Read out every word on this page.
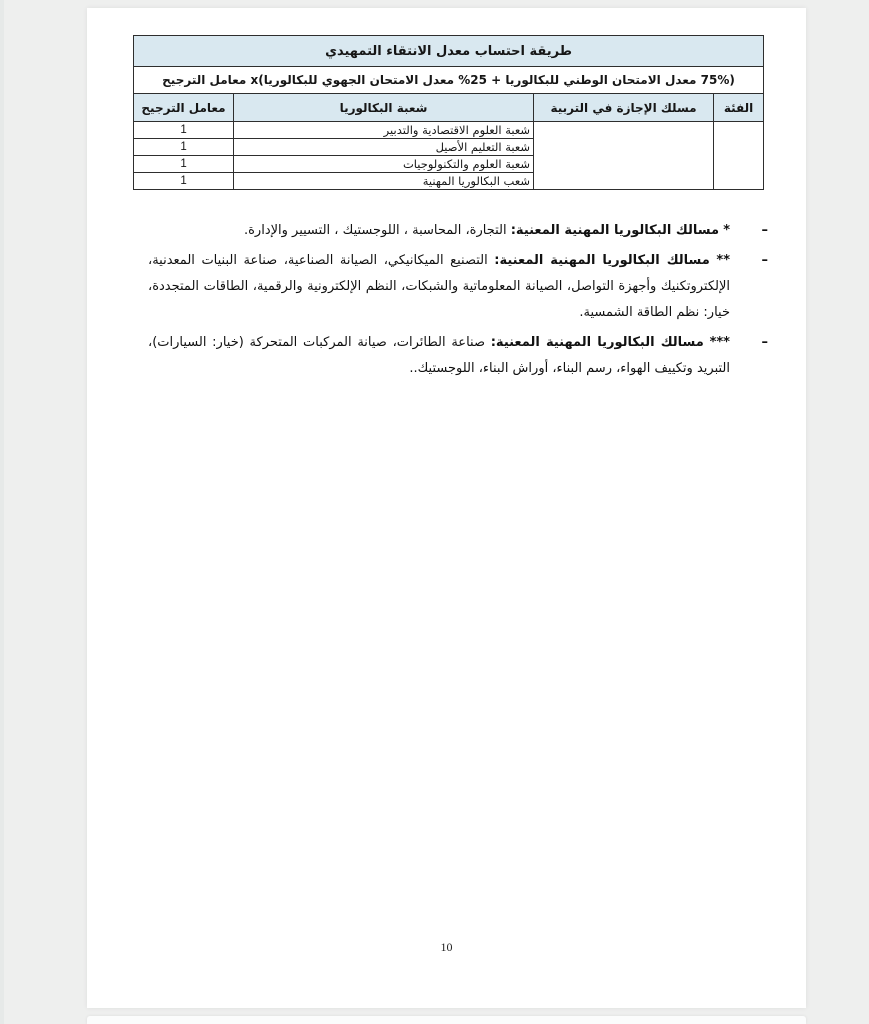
طريقة احتساب معدل الانتقاء التمهيدي			
(75% معدل الامتحان الوطني للبكالوريا + 25% معدل الامتحان الجهوي للبكالوريا)x معامل الترجيح			
الفئة	مسلك الإجازة في التربية	شعبة البكالوريا	معامل الترجيح
		شعبة العلوم الاقتصادية والتدبير	1
		شعبة التعليم الأصيل	1
		شعبة العلوم والتكنولوجيات	1
		شعب البكالوريا المهنية	1
–
* مسالك البكالوريا المهنية المعنية: التجارة، المحاسبة ، اللوجستيك ، التسيير والإدارة.
–
** مسالك البكالوريا المهنية المعنية: التصنيع الميكانيكي، الصيانة الصناعية، صناعة البنيات المعدنية، الإلكتروتكنيك وأجهزة التواصل، الصيانة المعلوماتية والشبكات، النظم الإلكترونية والرقمية، الطاقات المتجددة، خيار: نظم الطاقة الشمسية.
–
*** مسالك البكالوريا المهنية المعنية: صناعة الطائرات، صيانة المركبات المتحركة (خيار: السيارات)، التبريد وتكييف الهواء، رسم البناء، أوراش البناء، اللوجستيك..
10
